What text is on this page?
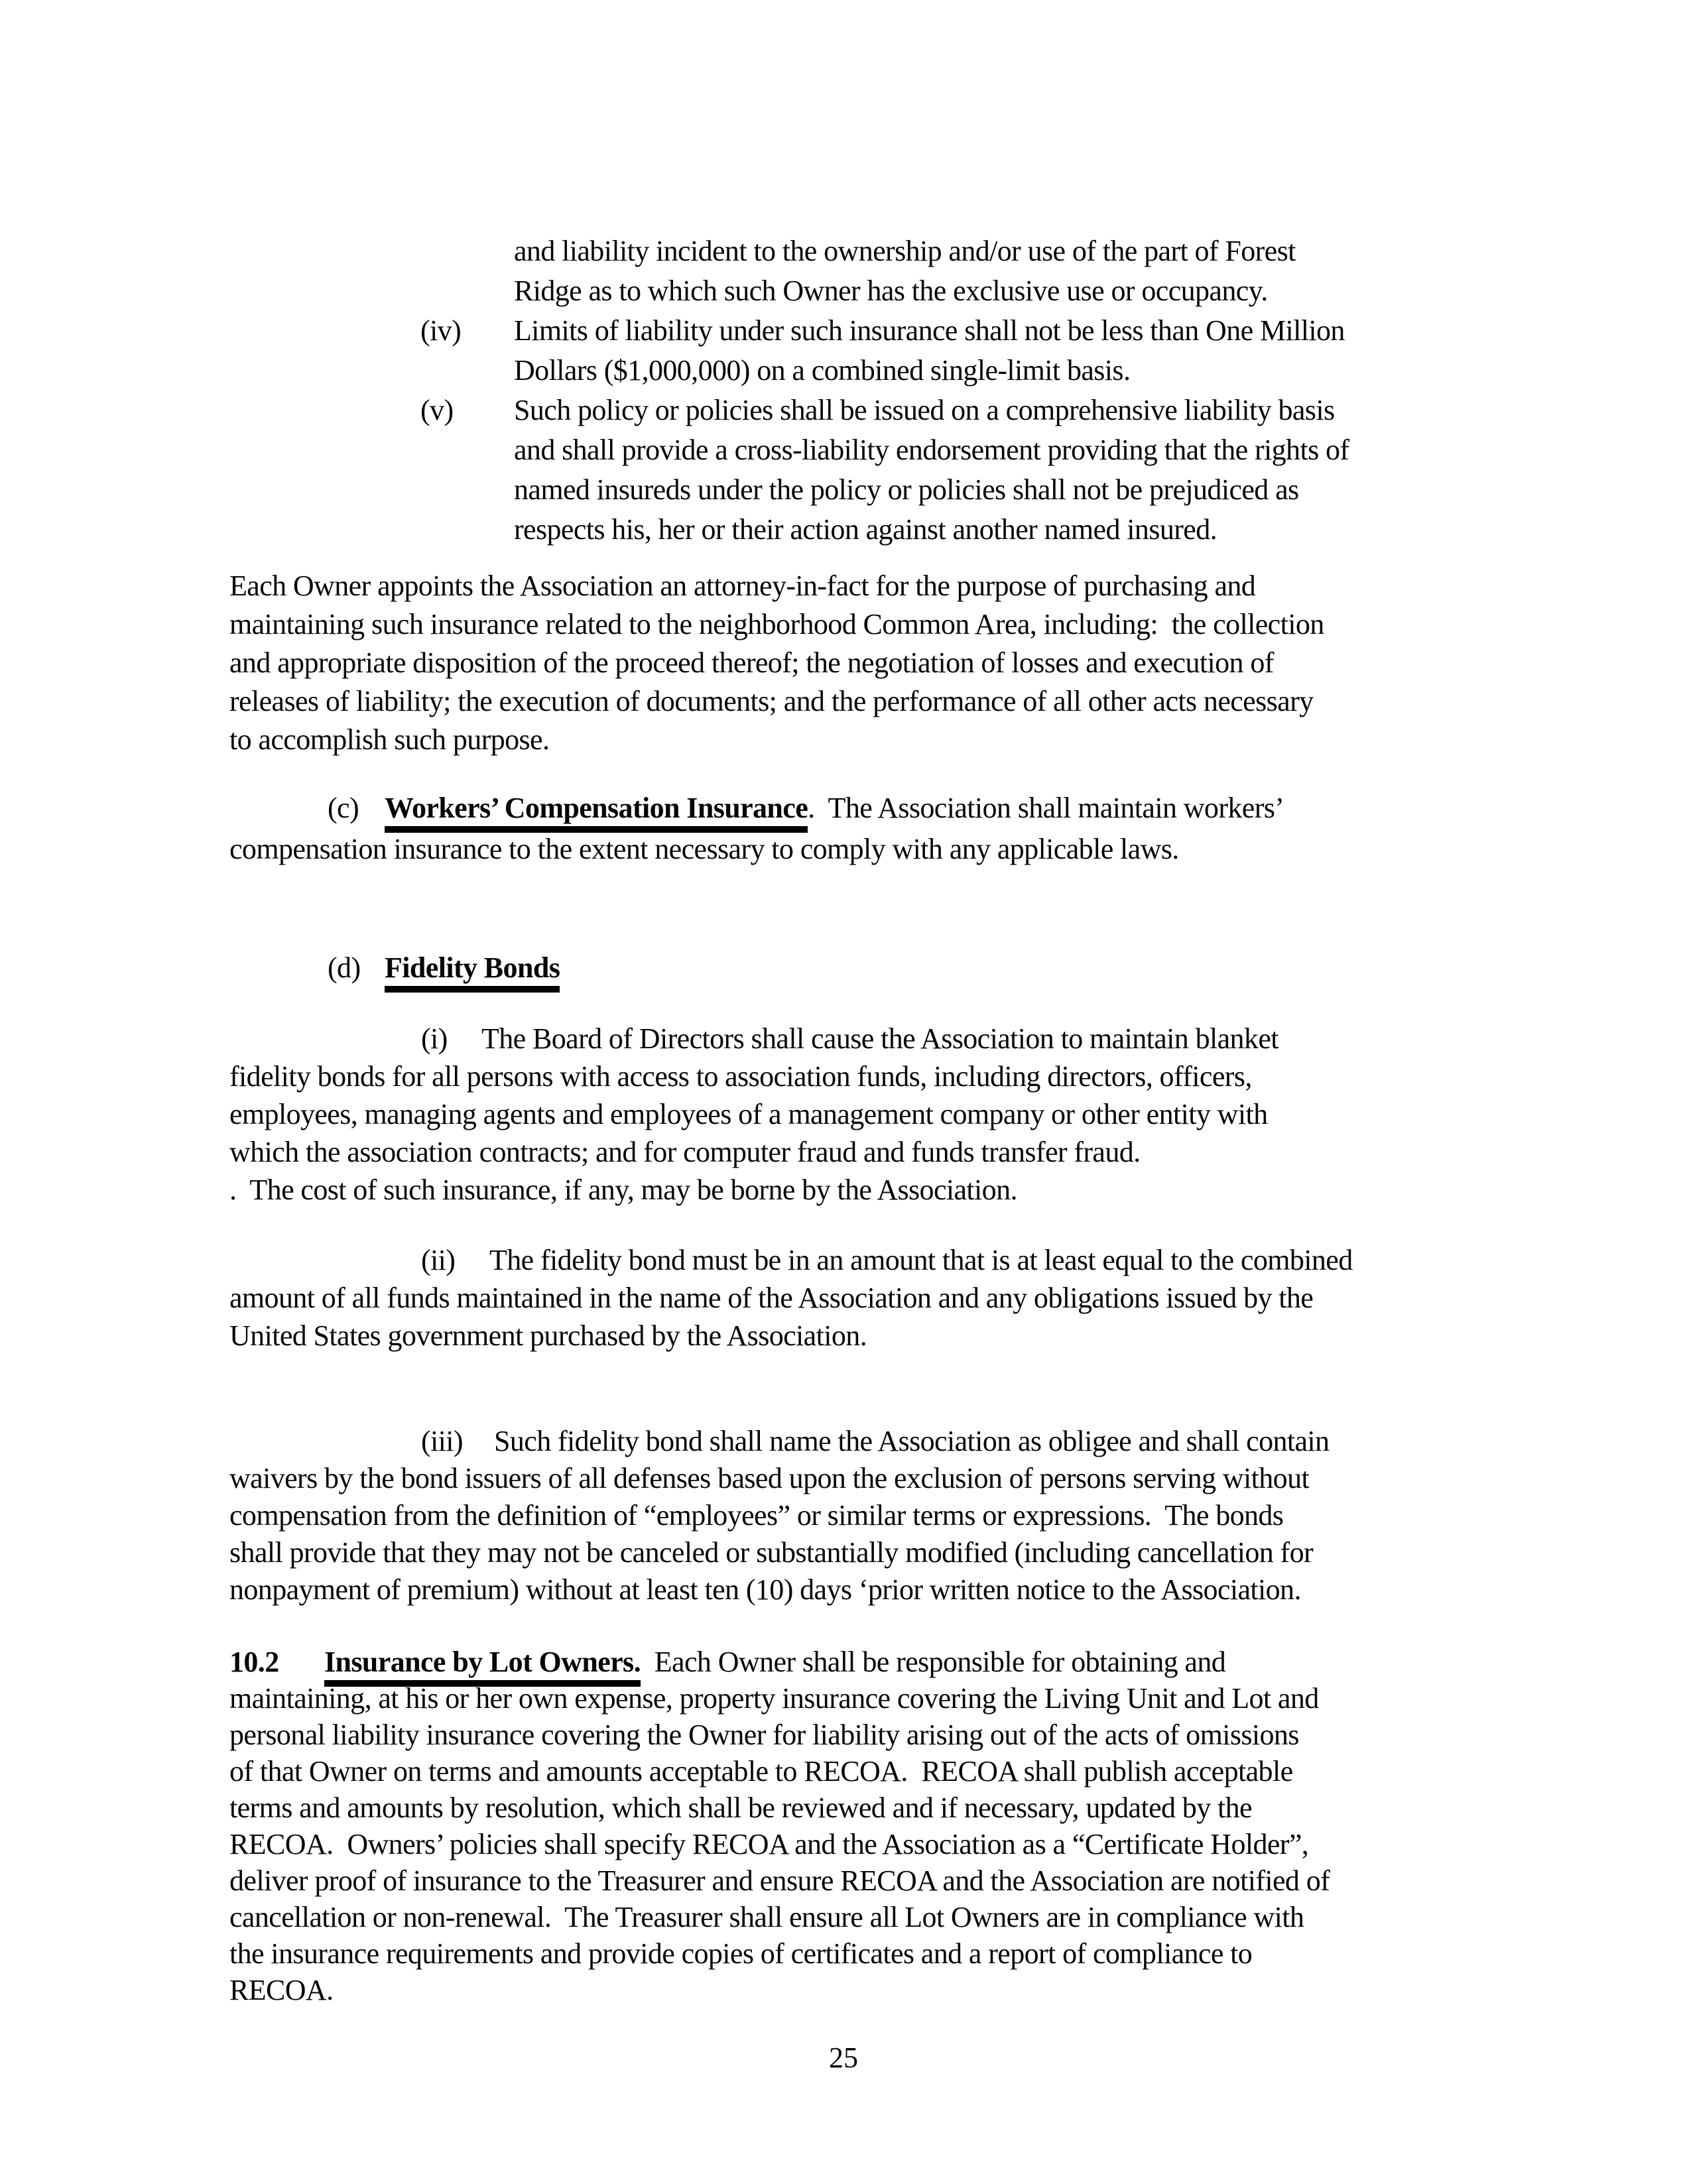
25
and liability incident to the ownership and/or use of the part of Forest
Ridge as to which such Owner has the exclusive use or occupancy.
(iv) Limits of liability under such insurance shall not be less than One Million
Dollars ($1,000,000) on a combined single-limit basis.
(v) Such policy or policies shall be issued on a comprehensive liability basis
and shall provide a cross-liability endorsement providing that the rights of
named insureds under the policy or policies shall not be prejudiced as
respects his, her or their action against another named insured.
Each Owner appoints the Association an attorney-in-fact for the purpose of purchasing and
maintaining such insurance related to the neighborhood Common Area, including:  the collection
and appropriate disposition of the proceed thereof; the negotiation of losses and execution of
releases of liability; the execution of documents; and the performance of all other acts necessary
to accomplish such purpose.
(c) Workers’ Compensation Insurance.  The Association shall maintain workers’
compensation insurance to the extent necessary to comply with any applicable laws.
(d) Fidelity Bonds
(i) The Board of Directors shall cause the Association to maintain blanket
fidelity bonds for all persons with access to association funds, including directors, officers,
employees, managing agents and employees of a management company or other entity with
which the association contracts; and for computer fraud and funds transfer fraud.
.  The cost of such insurance, if any, may be borne by the Association.
(ii) The fidelity bond must be in an amount that is at least equal to the combined
amount of all funds maintained in the name of the Association and any obligations issued by the
United States government purchased by the Association.
(iii) Such fidelity bond shall name the Association as obligee and shall contain
waivers by the bond issuers of all defenses based upon the exclusion of persons serving without
compensation from the definition of “employees” or similar terms or expressions.  The bonds
shall provide that they may not be canceled or substantially modified (including cancellation for
nonpayment of premium) without at least ten (10) days ‘prior written notice to the Association.
10.2 Insurance by Lot Owners.  Each Owner shall be responsible for obtaining and
maintaining, at his or her own expense, property insurance covering the Living Unit and Lot and
personal liability insurance covering the Owner for liability arising out of the acts of omissions
of that Owner on terms and amounts acceptable to RECOA.  RECOA shall publish acceptable
terms and amounts by resolution, which shall be reviewed and if necessary, updated by the
RECOA.  Owners’ policies shall specify RECOA and the Association as a “Certificate Holder”,
deliver proof of insurance to the Treasurer and ensure RECOA and the Association are notified of
cancellation or non-renewal.  The Treasurer shall ensure all Lot Owners are in compliance with
the insurance requirements and provide copies of certificates and a report of compliance to
RECOA.
